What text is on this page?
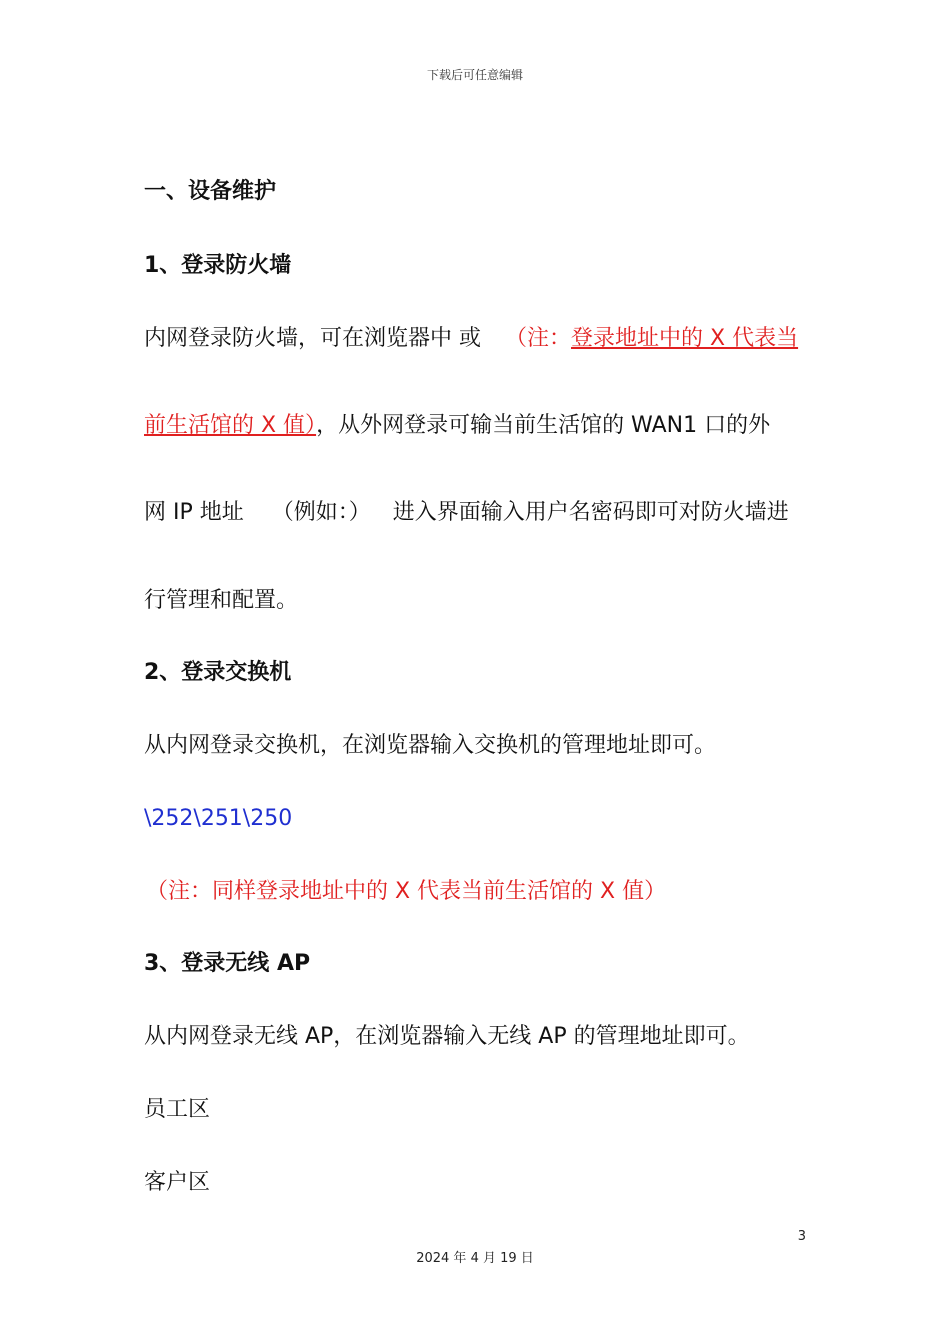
下载后可任意编辑
一、设备维护
1、登录防火墙
内网登录防火墙，可在浏览器中 或 （注：登录地址中的 X 代表当
前生活馆的 X 值），从外网登录可输当前生活馆的 WAN1 口的外
网 IP 地址 （例如：） 进入界面输入用户名密码即可对防火墙进
行管理和配置。
2、登录交换机
从内网登录交换机，在浏览器输入交换机的管理地址即可。
\252\251\250
（注：同样登录地址中的 X 代表当前生活馆的 X 值）
3、登录无线 AP
从内网登录无线 AP，在浏览器输入无线 AP 的管理地址即可。
员工区
客户区
3
2024 年 4 月 19 日
